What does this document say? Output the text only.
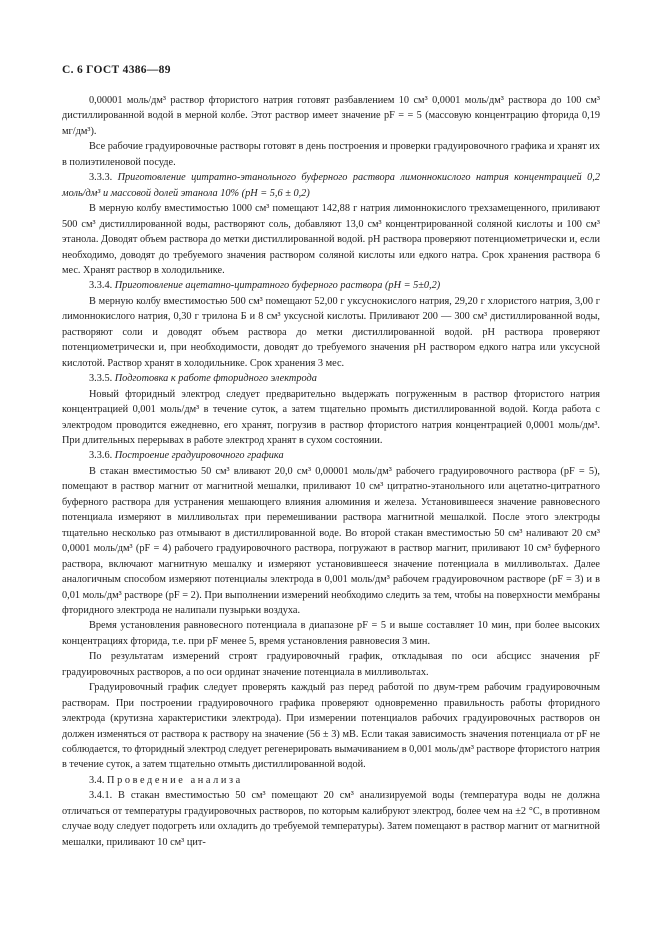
С. 6 ГОСТ 4386—89

0,00001 моль/дм³ раствор фтористого натрия готовят разбавлением 10 см³ 0,0001 моль/дм³ раствора до 100 см³ дистиллированной водой в мерной колбе. Этот раствор имеет значение pF = = 5 (массовую концентрацию фторида 0,19 мг/дм³).

Все рабочие градуировочные растворы готовят в день построения и проверки градуировочного графика и хранят их в полиэтиленовой посуде.

3.3.3. Приготовление цитратно-этанольного буферного раствора лимоннокислого натрия концентрацией 0,2 моль/дм³ и массовой долей этанола 10% (pH = 5,6 ± 0,2)

В мерную колбу вместимостью 1000 см³ помещают 142,88 г натрия лимоннокислого трехзамещенного, приливают 500 см³ дистиллированной воды, растворяют соль, добавляют 13,0 см³ концентрированной соляной кислоты и 100 см³ этанола. Доводят объем раствора до метки дистиллированной водой. pH раствора проверяют потенциометрически и, если необходимо, доводят до требуемого значения раствором соляной кислоты или едкого натра. Срок хранения раствора 6 мес. Хранят раствор в холодильнике.

3.3.4. Приготовление ацетатно-цитратного буферного раствора (pH = 5±0,2)

В мерную колбу вместимостью 500 см³ помещают 52,00 г уксуснокислого натрия, 29,20 г хлористого натрия, 3,00 г лимоннокислого натрия, 0,30 г трилона Б и 8 см³ уксусной кислоты. Приливают 200 — 300 см³ дистиллированной воды, растворяют соли и доводят объем раствора до метки дистиллированной водой. pH раствора проверяют потенциометрически и, при необходимости, доводят до требуемого значения pH раствором едкого натра или уксусной кислотой. Раствор хранят в холодильнике. Срок хранения 3 мес.

3.3.5. Подготовка к работе фторидного электрода

Новый фторидный электрод следует предварительно выдержать погруженным в раствор фтористого натрия концентрацией 0,001 моль/дм³ в течение суток, а затем тщательно промыть дистиллированной водой. Когда работа с электродом проводится ежедневно, его хранят, погрузив в раствор фтористого натрия концентрацией 0,0001 моль/дм³. При длительных перерывах в работе электрод хранят в сухом состоянии.

3.3.6. Построение градуировочного графика

В стакан вместимостью 50 см³ вливают 20,0 см³ 0,00001 моль/дм³ рабочего градуировочного раствора (pF = 5), помещают в раствор магнит от магнитной мешалки, приливают 10 см³ цитратно-этанольного или ацетатно-цитратного буферного раствора для устранения мешающего влияния алюминия и железа. Установившееся значение равновесного потенциала измеряют в милливольтах при перемешивании раствора магнитной мешалкой. После этого электроды тщательно несколько раз отмывают в дистиллированной воде. Во второй стакан вместимостью 50 см³ наливают 20 см³ 0,0001 моль/дм³ (pF = 4) рабочего градуировочного раствора, погружают в раствор магнит, приливают 10 см³ буферного раствора, включают магнитную мешалку и измеряют установившееся значение потенциала в милливольтах. Далее аналогичным способом измеряют потенциалы электрода в 0,001 моль/дм³ рабочем градуировочном растворе (pF = 3) и в 0,01 моль/дм³ растворе (pF = 2). При выполнении измерений необходимо следить за тем, чтобы на поверхности мембраны фторидного электрода не налипали пузырьки воздуха.

Время установления равновесного потенциала в диапазоне pF = 5 и выше составляет 10 мин, при более высоких концентрациях фторида, т.е. при pF менее 5, время установления равновесия 3 мин.

По результатам измерений строят градуировочный график, откладывая по оси абсцисс значения pF градуировочных растворов, а по оси ординат значение потенциала в милливольтах.

Градуировочный график следует проверять каждый раз перед работой по двум-трем рабочим градуировочным растворам. При построении градуировочного графика проверяют одновременно правильность работы фторидного электрода (крутизна характеристики электрода). При измерении потенциалов рабочих градуировочных растворов он должен изменяться от раствора к раствору на значение (56 ± 3) мВ. Если такая зависимость значения потенциала от pF не соблюдается, то фторидный электрод следует регенерировать вымачиванием в 0,001 моль/дм³ растворе фтористого натрия в течение суток, а затем тщательно отмыть дистиллированной водой.

3.4. Проведение анализа

3.4.1. В стакан вместимостью 50 см³ помещают 20 см³ анализируемой воды (температура воды не должна отличаться от температуры градуировочных растворов, по которым калибруют электрод, более чем на ±2 °С, в противном случае воду следует подогреть или охладить до требуемой температуры). Затем помещают в раствор магнит от магнитной мешалки, приливают 10 см³ цит-
